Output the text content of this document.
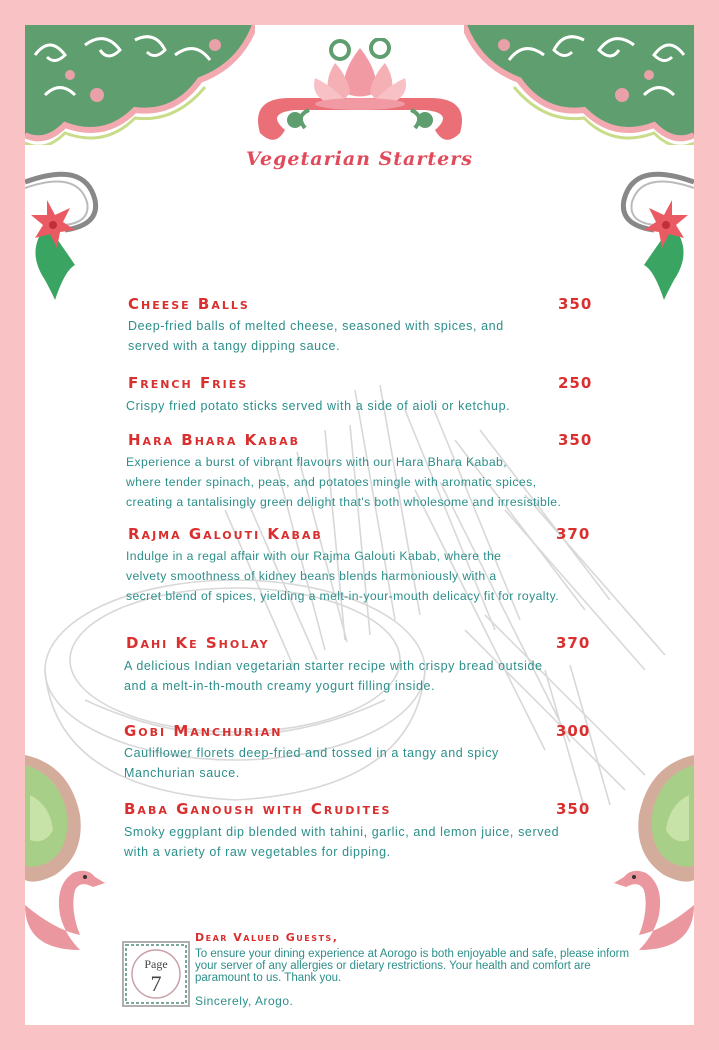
Vegetarian Starters
Cheese Balls	350
Deep-fried balls of melted cheese, seasoned with spices, and
served with a tangy dipping sauce.
French Fries	250
Crispy fried potato sticks served with a side of aioli or ketchup.
Hara Bhara Kabab	350
Experience a burst of vibrant flavours with our Hara Bhara Kabab,
where tender spinach, peas, and potatoes mingle with aromatic spices,
creating a tantalisingly green delight that's both wholesome and irresistible.
Rajma Galouti Kabab	370
Indulge in a regal affair with our Rajma Galouti Kabab, where the
velvety smoothness of kidney beans blends harmoniously with a
secret blend of spices, yielding a melt-in-your-mouth delicacy fit for royalty.
Dahi Ke Sholay	370
A delicious Indian vegetarian starter recipe with crispy bread outside
and a melt-in-th-mouth creamy yogurt filling inside.
Gobi Manchurian	300
Cauliflower florets deep-fried and tossed in a tangy and spicy
Manchurian sauce.
Baba Ganoush with Crudites	350
Smoky eggplant dip blended with tahini, garlic, and lemon juice, served
with a variety of raw vegetables for dipping.
Page
7
Dear Valued Guests,
To ensure your dining experience at Aorogo is both enjoyable and safe, please inform your server of any allergies or dietary restrictions. Your health and comfort are paramount to us. Thank you.
Sincerely, Arogo.
